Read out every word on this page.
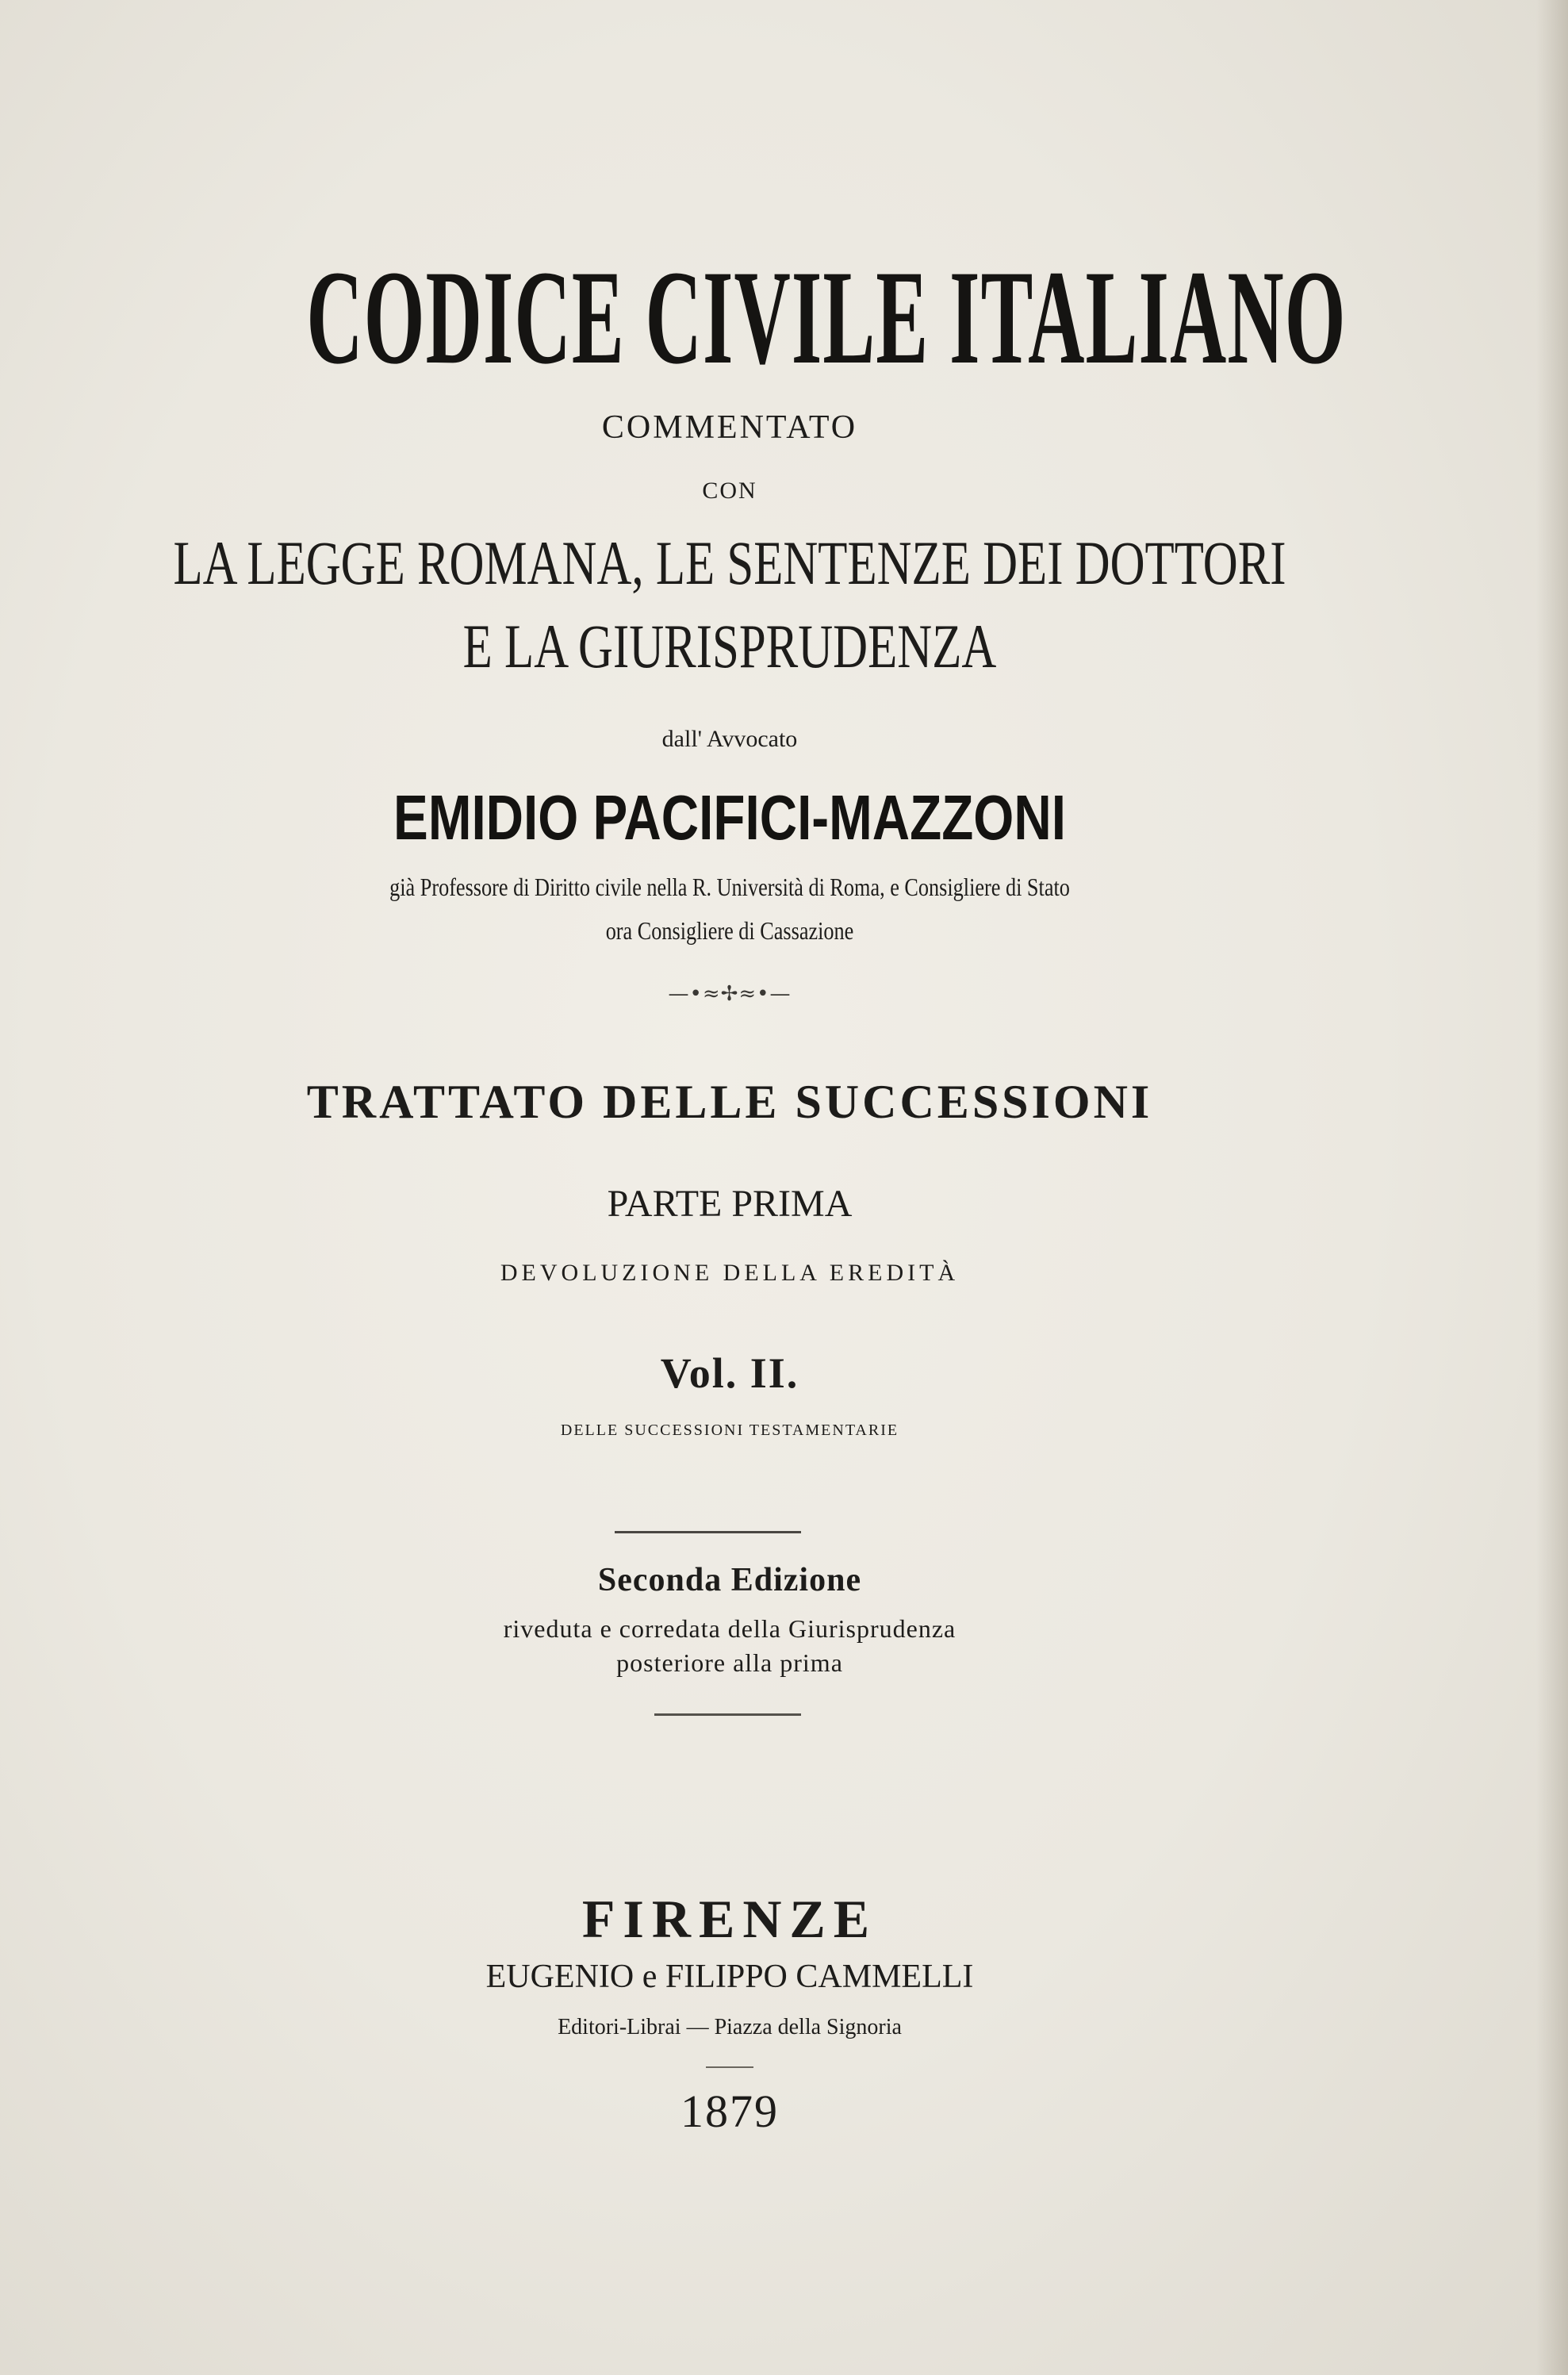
CODICE CIVILE ITALIANO
COMMENTATO
CON
LA LEGGE ROMANA, LE SENTENZE DEI DOTTORI
E LA GIURISPRUDENZA
dall' Avvocato
EMIDIO PACIFICI-MAZZONI
già Professore di Diritto civile nella R. Università di Roma, e Consigliere di Stato
ora Consigliere di Cassazione
—•≈✢≈•—
TRATTATO DELLE SUCCESSIONI
PARTE PRIMA
DEVOLUZIONE DELLA EREDITÀ
Vol. II.
DELLE SUCCESSIONI TESTAMENTARIE
Seconda Edizione
riveduta e corredata della Giurisprudenza
posteriore alla prima
FIRENZE
EUGENIO e FILIPPO CAMMELLI
Editori-Librai — Piazza della Signoria
1879
